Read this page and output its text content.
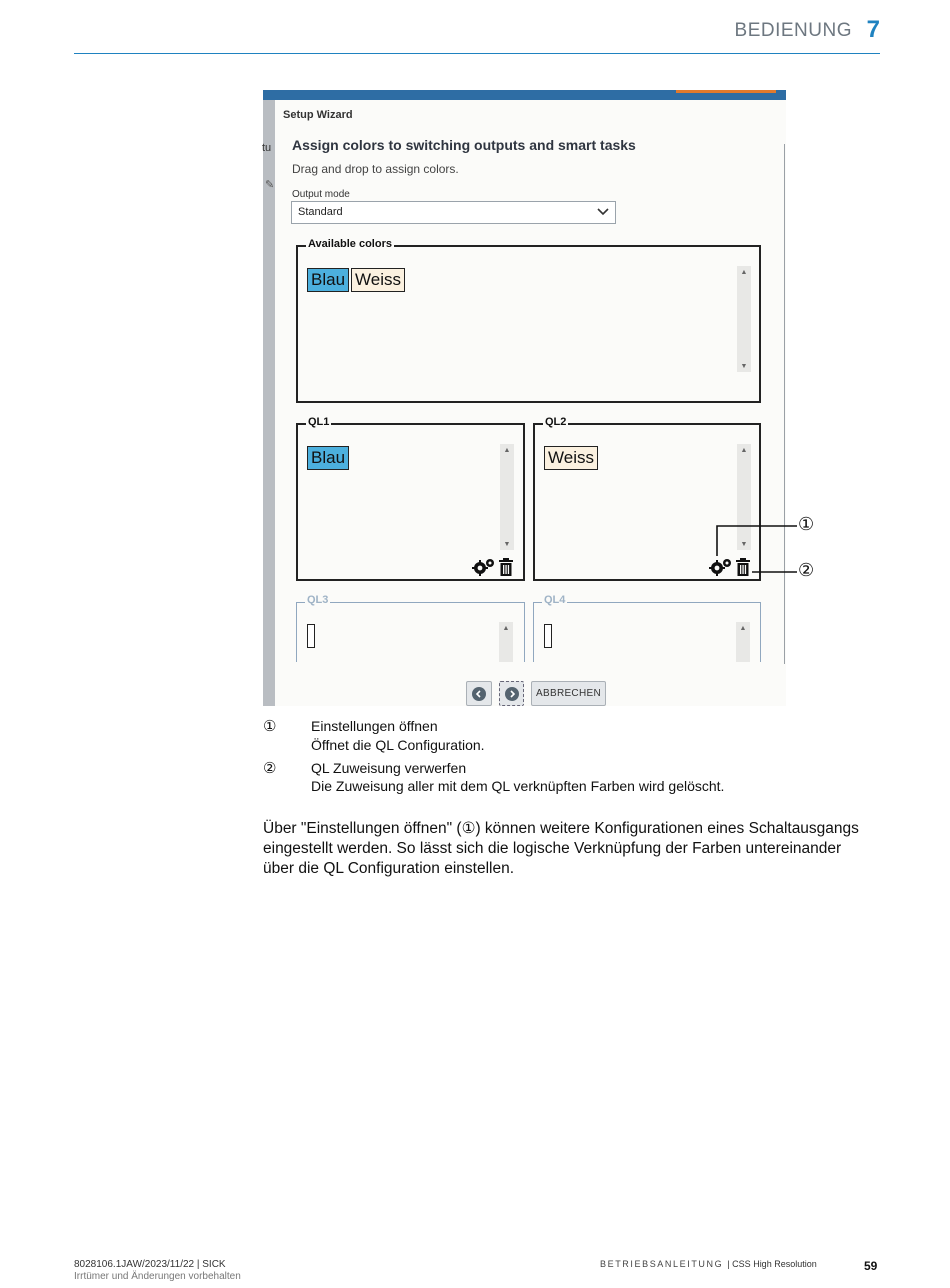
BEDIENUNG 7
tu
✎
Setup Wizard
Assign colors to switching outputs and smart tasks
Drag and drop to assign colors.
Output mode
Standard
Available colors
Blau Weiss	▲
▼
QL1
Blau	▲
▼
QL2
Weiss	▲
▼
QL3
▲
QL4
▲
ABBRECHEN
①
②
① Einstellungen öffnen
Öffnet die QL Configuration.
② QL Zuweisung verwerfen
Die Zuweisung aller mit dem QL verknüpften Farben wird gelöscht.
Über "Einstellungen öffnen" (①) können weitere Konfigurationen eines Schaltausgangs
eingestellt werden. So lässt sich die logische Verknüpfung der Farben untereinander
über die QL Configuration einstellen.
8028106.1JAW/2023/11/22 | SICK
Irrtümer und Änderungen vorbehalten
BETRIEBSANLEITUNG | CSS High Resolution	59
